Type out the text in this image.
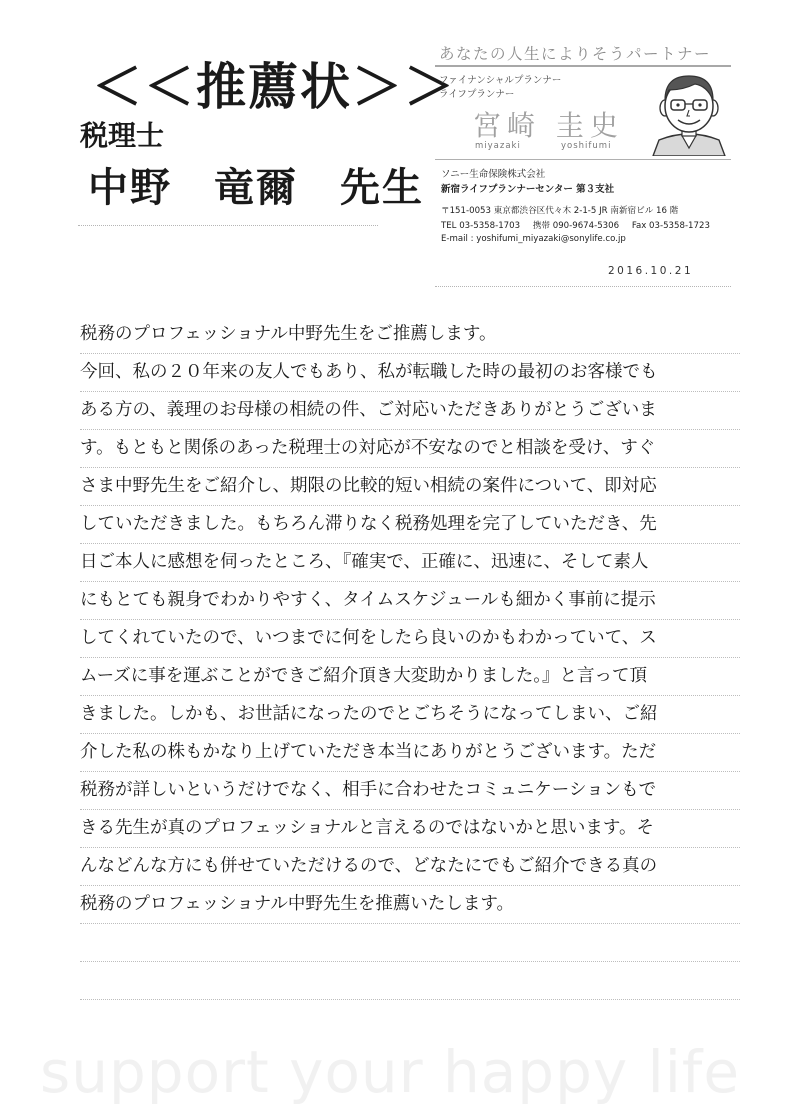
＜＜推薦状＞＞
税理士
中野　竜爾　先生
あなたの人生によりそうパートナー
ファイナンシャルプランナー
ライフプランナー
宮崎 圭史
miyazaki	yoshifumi
ソニー生命保険株式会社
新宿ライフプランナーセンター 第３支社
〒151-0053 東京都渋谷区代々木 2-1-5 JR 南新宿ビル 16 階
TEL 03-5358-1703 携帯 090-9674-5306 Fax 03-5358-1723
E-mail : yoshifumi_miyazaki@sonylife.co.jp
2016.10.21
税務のプロフェッショナル中野先生をご推薦します。
今回、私の２０年来の友人でもあり、私が転職した時の最初のお客様でも
ある方の、義理のお母様の相続の件、ご対応いただきありがとうございま
す。もともと関係のあった税理士の対応が不安なのでと相談を受け、すぐ
さま中野先生をご紹介し、期限の比較的短い相続の案件について、即対応
していただきました。もちろん滞りなく税務処理を完了していただき、先
日ご本人に感想を伺ったところ、『確実で、正確に、迅速に、そして素人
にもとても親身でわかりやすく、タイムスケジュールも細かく事前に提示
してくれていたので、いつまでに何をしたら良いのかもわかっていて、ス
ムーズに事を運ぶことができご紹介頂き大変助かりました。』と言って頂
きました。しかも、お世話になったのでとごちそうになってしまい、ご紹
介した私の株もかなり上げていただき本当にありがとうございます。ただ
税務が詳しいというだけでなく、相手に合わせたコミュニケーションもで
きる先生が真のプロフェッショナルと言えるのではないかと思います。そ
んなどんな方にも併せていただけるので、どなたにでもご紹介できる真の
税務のプロフェッショナル中野先生を推薦いたします。
support your happy life
